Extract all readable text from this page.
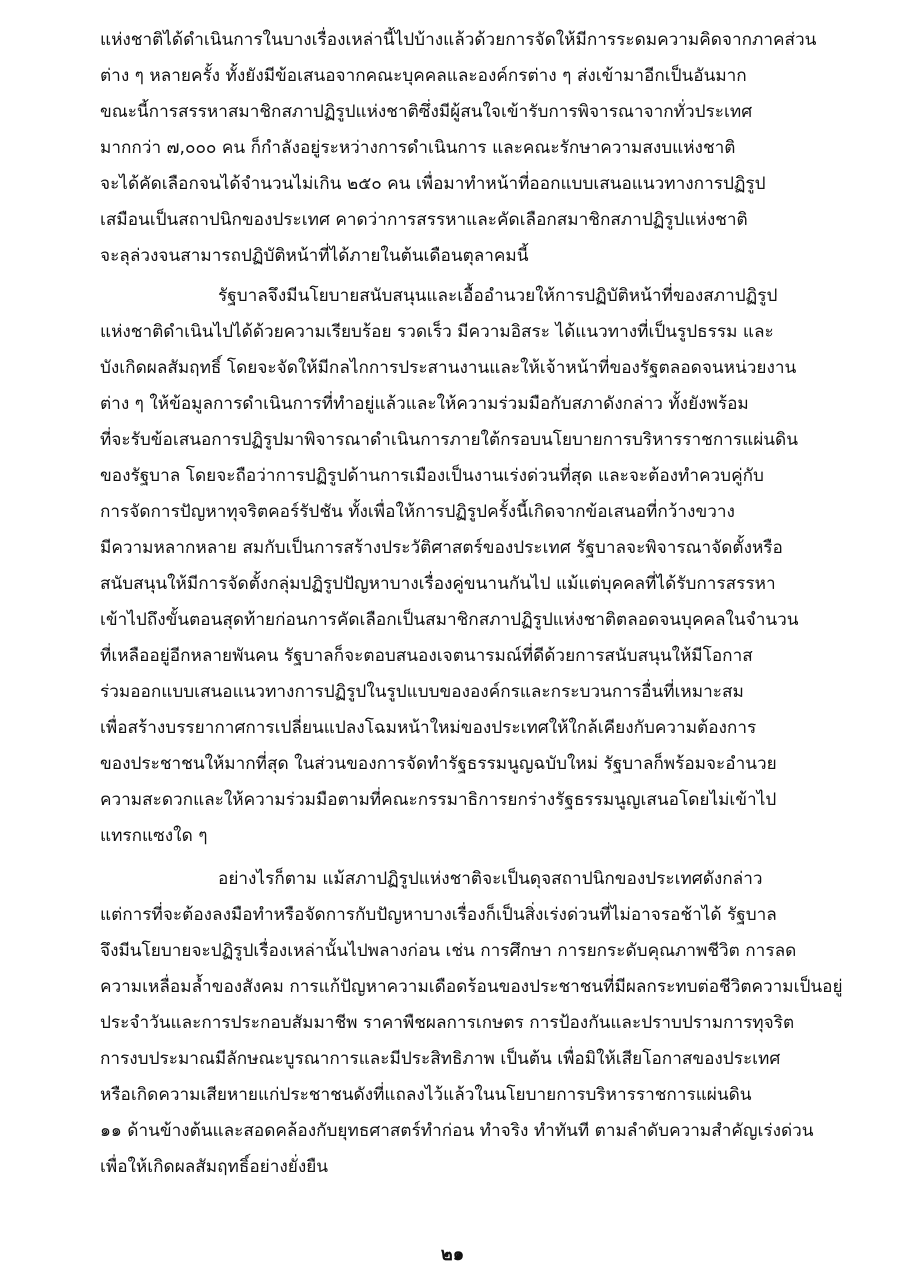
แห่งชาติได้ดำเนินการในบางเรื่องเหล่านี้ไปบ้างแล้วด้วยการจัดให้มีการระดมความคิดจากภาคส่วน
ต่าง ๆ หลายครั้ง ทั้งยังมีข้อเสนอจากคณะบุคคลและองค์กรต่าง ๆ ส่งเข้ามาอีกเป็นอันมาก
ขณะนี้การสรรหาสมาชิกสภาปฏิรูปแห่งชาติซึ่งมีผู้สนใจเข้ารับการพิจารณาจากทั่วประเทศ
มากกว่า ๗,๐๐๐ คน ก็กำลังอยู่ระหว่างการดำเนินการ และคณะรักษาความสงบแห่งชาติ
จะได้คัดเลือกจนได้จำนวนไม่เกิน ๒๕๐ คน เพื่อมาทำหน้าที่ออกแบบเสนอแนวทางการปฏิรูป
เสมือนเป็นสถาปนิกของประเทศ คาดว่าการสรรหาและคัดเลือกสมาชิกสภาปฏิรูปแห่งชาติ
จะลุล่วงจนสามารถปฏิบัติหน้าที่ได้ภายในต้นเดือนตุลาคมนี้
รัฐบาลจึงมีนโยบายสนับสนุนและเอื้ออำนวยให้การปฏิบัติหน้าที่ของสภาปฏิรูป
แห่งชาติดำเนินไปได้ด้วยความเรียบร้อย รวดเร็ว มีความอิสระ ได้แนวทางที่เป็นรูปธรรม และ
บังเกิดผลสัมฤทธิ์ โดยจะจัดให้มีกลไกการประสานงานและให้เจ้าหน้าที่ของรัฐตลอดจนหน่วยงาน
ต่าง ๆ ให้ข้อมูลการดำเนินการที่ทำอยู่แล้วและให้ความร่วมมือกับสภาดังกล่าว ทั้งยังพร้อม
ที่จะรับข้อเสนอการปฏิรูปมาพิจารณาดำเนินการภายใต้กรอบนโยบายการบริหารราชการแผ่นดิน
ของรัฐบาล โดยจะถือว่าการปฏิรูปด้านการเมืองเป็นงานเร่งด่วนที่สุด และจะต้องทำควบคู่กับ
การจัดการปัญหาทุจริตคอร์รัปชัน ทั้งเพื่อให้การปฏิรูปครั้งนี้เกิดจากข้อเสนอที่กว้างขวาง
มีความหลากหลาย สมกับเป็นการสร้างประวัติศาสตร์ของประเทศ รัฐบาลจะพิจารณาจัดตั้งหรือ
สนับสนุนให้มีการจัดตั้งกลุ่มปฏิรูปปัญหาบางเรื่องคู่ขนานกันไป แม้แต่บุคคลที่ได้รับการสรรหา
เข้าไปถึงขั้นตอนสุดท้ายก่อนการคัดเลือกเป็นสมาชิกสภาปฏิรูปแห่งชาติตลอดจนบุคคลในจำนวน
ที่เหลืออยู่อีกหลายพันคน รัฐบาลก็จะตอบสนองเจตนารมณ์ที่ดีด้วยการสนับสนุนให้มีโอกาส
ร่วมออกแบบเสนอแนวทางการปฏิรูปในรูปแบบขององค์กรและกระบวนการอื่นที่เหมาะสม
เพื่อสร้างบรรยากาศการเปลี่ยนแปลงโฉมหน้าใหม่ของประเทศให้ใกล้เคียงกับความต้องการ
ของประชาชนให้มากที่สุด ในส่วนของการจัดทำรัฐธรรมนูญฉบับใหม่ รัฐบาลก็พร้อมจะอำนวย
ความสะดวกและให้ความร่วมมือตามที่คณะกรรมาธิการยกร่างรัฐธรรมนูญเสนอโดยไม่เข้าไป
แทรกแซงใด ๆ
อย่างไรก็ตาม แม้สภาปฏิรูปแห่งชาติจะเป็นดุจสถาปนิกของประเทศดังกล่าว
แต่การที่จะต้องลงมือทำหรือจัดการกับปัญหาบางเรื่องก็เป็นสิ่งเร่งด่วนที่ไม่อาจรอช้าได้ รัฐบาล
จึงมีนโยบายจะปฏิรูปเรื่องเหล่านั้นไปพลางก่อน เช่น การศึกษา การยกระดับคุณภาพชีวิต การลด
ความเหลื่อมล้ำของสังคม การแก้ปัญหาความเดือดร้อนของประชาชนที่มีผลกระทบต่อชีวิตความเป็นอยู่
ประจำวันและการประกอบสัมมาชีพ ราคาพืชผลการเกษตร การป้องกันและปราบปรามการทุจริต
การงบประมาณมีลักษณะบูรณาการและมีประสิทธิภาพ เป็นต้น เพื่อมิให้เสียโอกาสของประเทศ
หรือเกิดความเสียหายแก่ประชาชนดังที่แถลงไว้แล้วในนโยบายการบริหารราชการแผ่นดิน
๑๑ ด้านข้างต้นและสอดคล้องกับยุทธศาสตร์ทำก่อน ทำจริง ทำทันที ตามลำดับความสำคัญเร่งด่วน
เพื่อให้เกิดผลสัมฤทธิ์อย่างยั่งยืน
๒๑
